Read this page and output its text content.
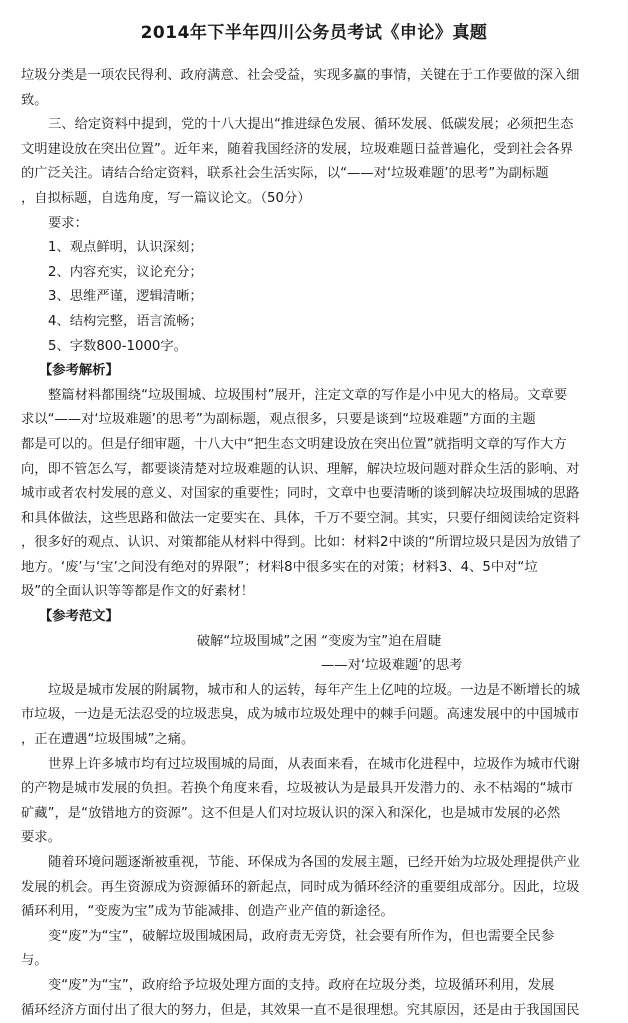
2014年下半年四川公务员考试《申论》真题
垃圾分类是一项农民得利、政府满意、社会受益，实现多赢的事情，关键在于工作要做的深入细
致。
三、给定资料中提到，党的十八大提出“推进绿色发展、循环发展、低碳发展；必须把生态
文明建设放在突出位置”。近年来，随着我国经济的发展，垃圾难题日益普遍化，受到社会各界
的广泛关注。请结合给定资料，联系社会生活实际，以“——对‘垃圾难题’的思考”为副标题
，自拟标题，自选角度，写一篇议论文。（50分）
要求：
1、观点鲜明，认识深刻；
2、内容充实，议论充分；
3、思维严谨，逻辑清晰；
4、结构完整，语言流畅；
5、字数800-1000字。
【参考解析】
整篇材料都围绕“垃圾围城、垃圾围村”展开，注定文章的写作是小中见大的格局。文章要
求以“——对‘垃圾难题’的思考”为副标题，观点很多，只要是谈到“垃圾难题”方面的主题
都是可以的。但是仔细审题，十八大中“把生态文明建设放在突出位置”就指明文章的写作大方
向，即不管怎么写，都要谈清楚对垃圾难题的认识、理解，解决垃圾问题对群众生活的影响、对
城市或者农村发展的意义、对国家的重要性；同时，文章中也要清晰的谈到解决垃圾围城的思路
和具体做法，这些思路和做法一定要实在、具体，千万不要空洞。其实，只要仔细阅读给定资料
，很多好的观点、认识、对策都能从材料中得到。比如：材料2中谈的“所谓垃圾只是因为放错了
地方。‘废’与‘宝’之间没有绝对的界限”；材料8中很多实在的对策；材料3、4、5中对“垃
圾”的全面认识等等都是作文的好素材！
【参考范文】
破解“垃圾围城”之困 “变废为宝”迫在眉睫
——对‘垃圾难题’的思考
垃圾是城市发展的附属物，城市和人的运转，每年产生上亿吨的垃圾。一边是不断增长的城
市垃圾，一边是无法忍受的垃圾悲臭，成为城市垃圾处理中的棘手问题。高速发展中的中国城市
，正在遭遇“垃圾围城”之痛。
世界上许多城市均有过垃圾围城的局面，从表面来看，在城市化进程中，垃圾作为城市代谢
的产物是城市发展的负担。若换个角度来看，垃圾被认为是最具开发潜力的、永不枯竭的“城市
矿藏”，是“放错地方的资源”。这不但是人们对垃圾认识的深入和深化，也是城市发展的必然
要求。
随着环境问题逐渐被重视，节能、环保成为各国的发展主题，已经开始为垃圾处理提供产业
发展的机会。再生资源成为资源循环的新起点，同时成为循环经济的重要组成部分。因此，垃圾
循环利用，“变废为宝”成为节能减排、创造产业产值的新途径。
变“废”为“宝”，破解垃圾围城困局，政府责无旁贷，社会要有所作为，但也需要全民参
与。
变“废”为“宝”，政府给予垃圾处理方面的支持。政府在垃圾分类，垃圾循环利用，发展
循环经济方面付出了很大的努力，但是，其效果一直不是很理想。究其原因，还是由于我国国民
